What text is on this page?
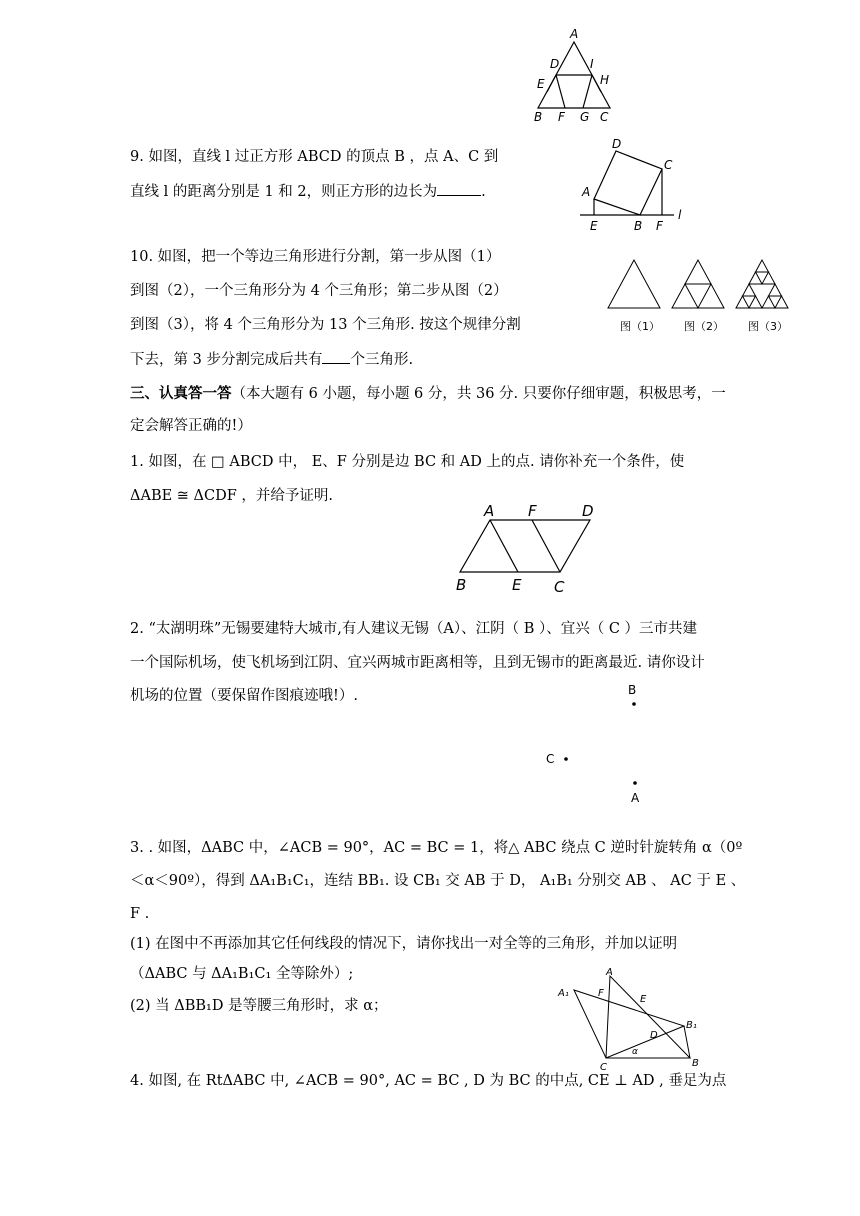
A
D	I
E	H
B F G C
9. 如图，直线 l 过正方形 ABCD 的顶点 B ，点 A、C 到
直线 l 的距离分别是 1 和 2，则正方形的边长为	.
D
C
A
E	B F
l
10. 如图，把一个等边三角形进行分割，第一步从图（1）
到图（2），一个三角形分为 4 个三角形；第二步从图（2）
到图（3），将 4 个三角形分为 13 个三角形. 按这个规律分割
下去，第 3 步分割完成后共有 个三角形.
图（1） 图（2） 图（3）
三、认真答一答（本大题有 6 小题，每小题 6 分，共 36 分. 只要你仔细审题，积极思考，一
定会解答正确的!）
1. 如图，在 □ ABCD 中， E、F 分别是边 BC 和 AD 上的点. 请你补充一个条件，使
ΔABE ≅ ΔCDF ，并给予证明.
A F	D
B	E C
2. “太湖明珠”无锡要建特大城市,有人建议无锡（A）、江阴（ B ）、宜兴（ C ）三市共建
一个国际机场，使飞机场到江阴、宜兴两城市距离相等，且到无锡市的距离最近. 请你设计
机场的位置（要保留作图痕迹哦!）.	B
C
A
3. . 如图，ΔABC 中，∠ACB = 90°，AC = BC = 1，将△ ABC 绕点 C 逆时针旋转角 α（0º
＜α＜90º），得到 ΔA₁B₁C₁，连结 BB₁. 设 CB₁ 交 AB 于 D， A₁B₁ 分别交 AB 、 AC 于 E 、
F .
(1) 在图中不再添加其它任何线段的情况下，请你找出一对全等的三角形，并加以证明
（ΔABC 与 ΔA₁B₁C₁ 全等除外）;
(2) 当 ΔBB₁D 是等腰三角形时，求 α；
A₁
A
F
E
B₁
D
C
α
B
4. 如图, 在 RtΔABC 中, ∠ACB = 90°, AC = BC , D 为 BC 的中点, CE ⊥ AD , 垂足为点
